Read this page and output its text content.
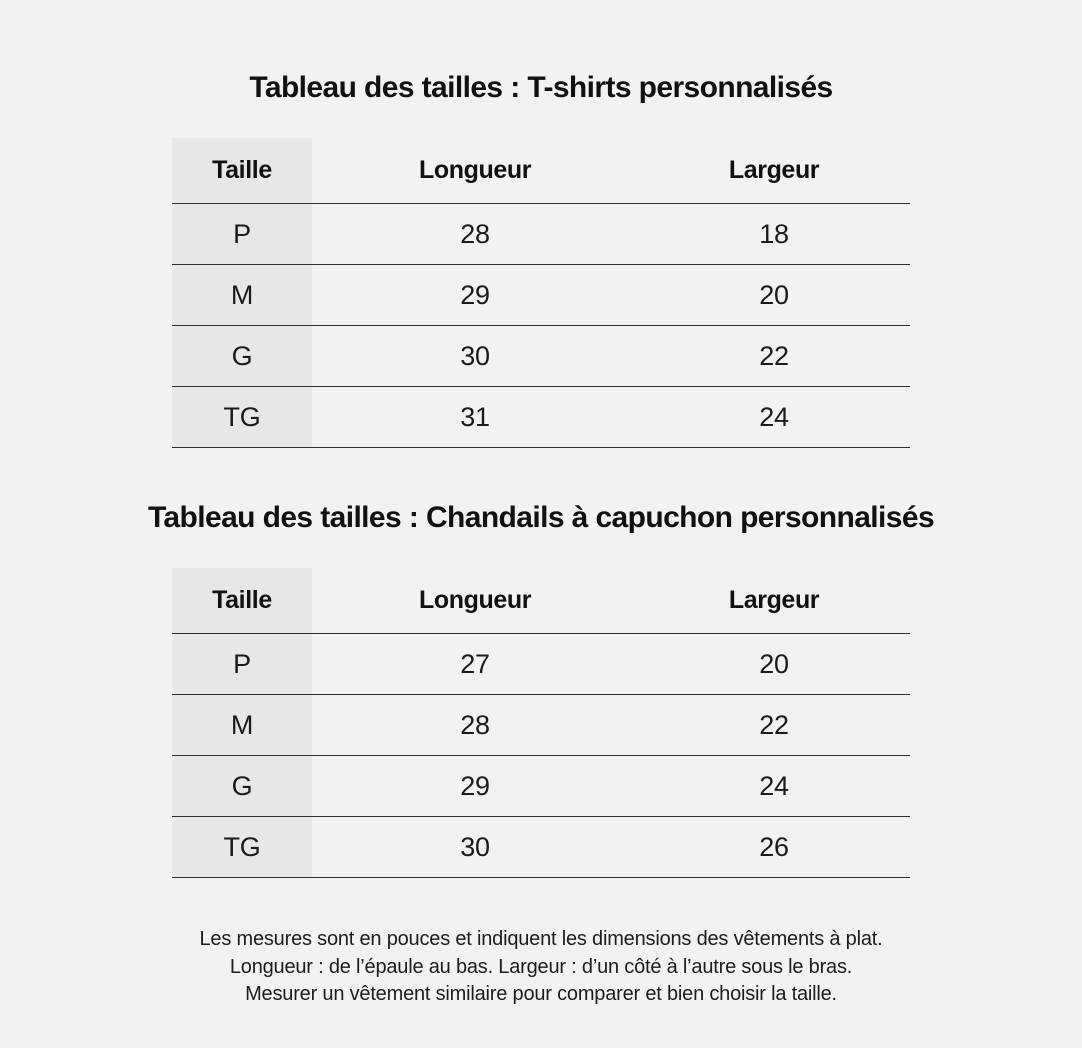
Tableau des tailles : T-shirts personnalisés
Taille	Longueur	Largeur
P	28	18
M	29	20
G	30	22
TG	31	24
Tableau des tailles : Chandails à capuchon personnalisés
Taille	Longueur	Largeur
P	27	20
M	28	22
G	29	24
TG	30	26
Les mesures sont en pouces et indiquent les dimensions des vêtements à plat.
Longueur : de l’épaule au bas. Largeur : d’un côté à l’autre sous le bras.
Mesurer un vêtement similaire pour comparer et bien choisir la taille.
